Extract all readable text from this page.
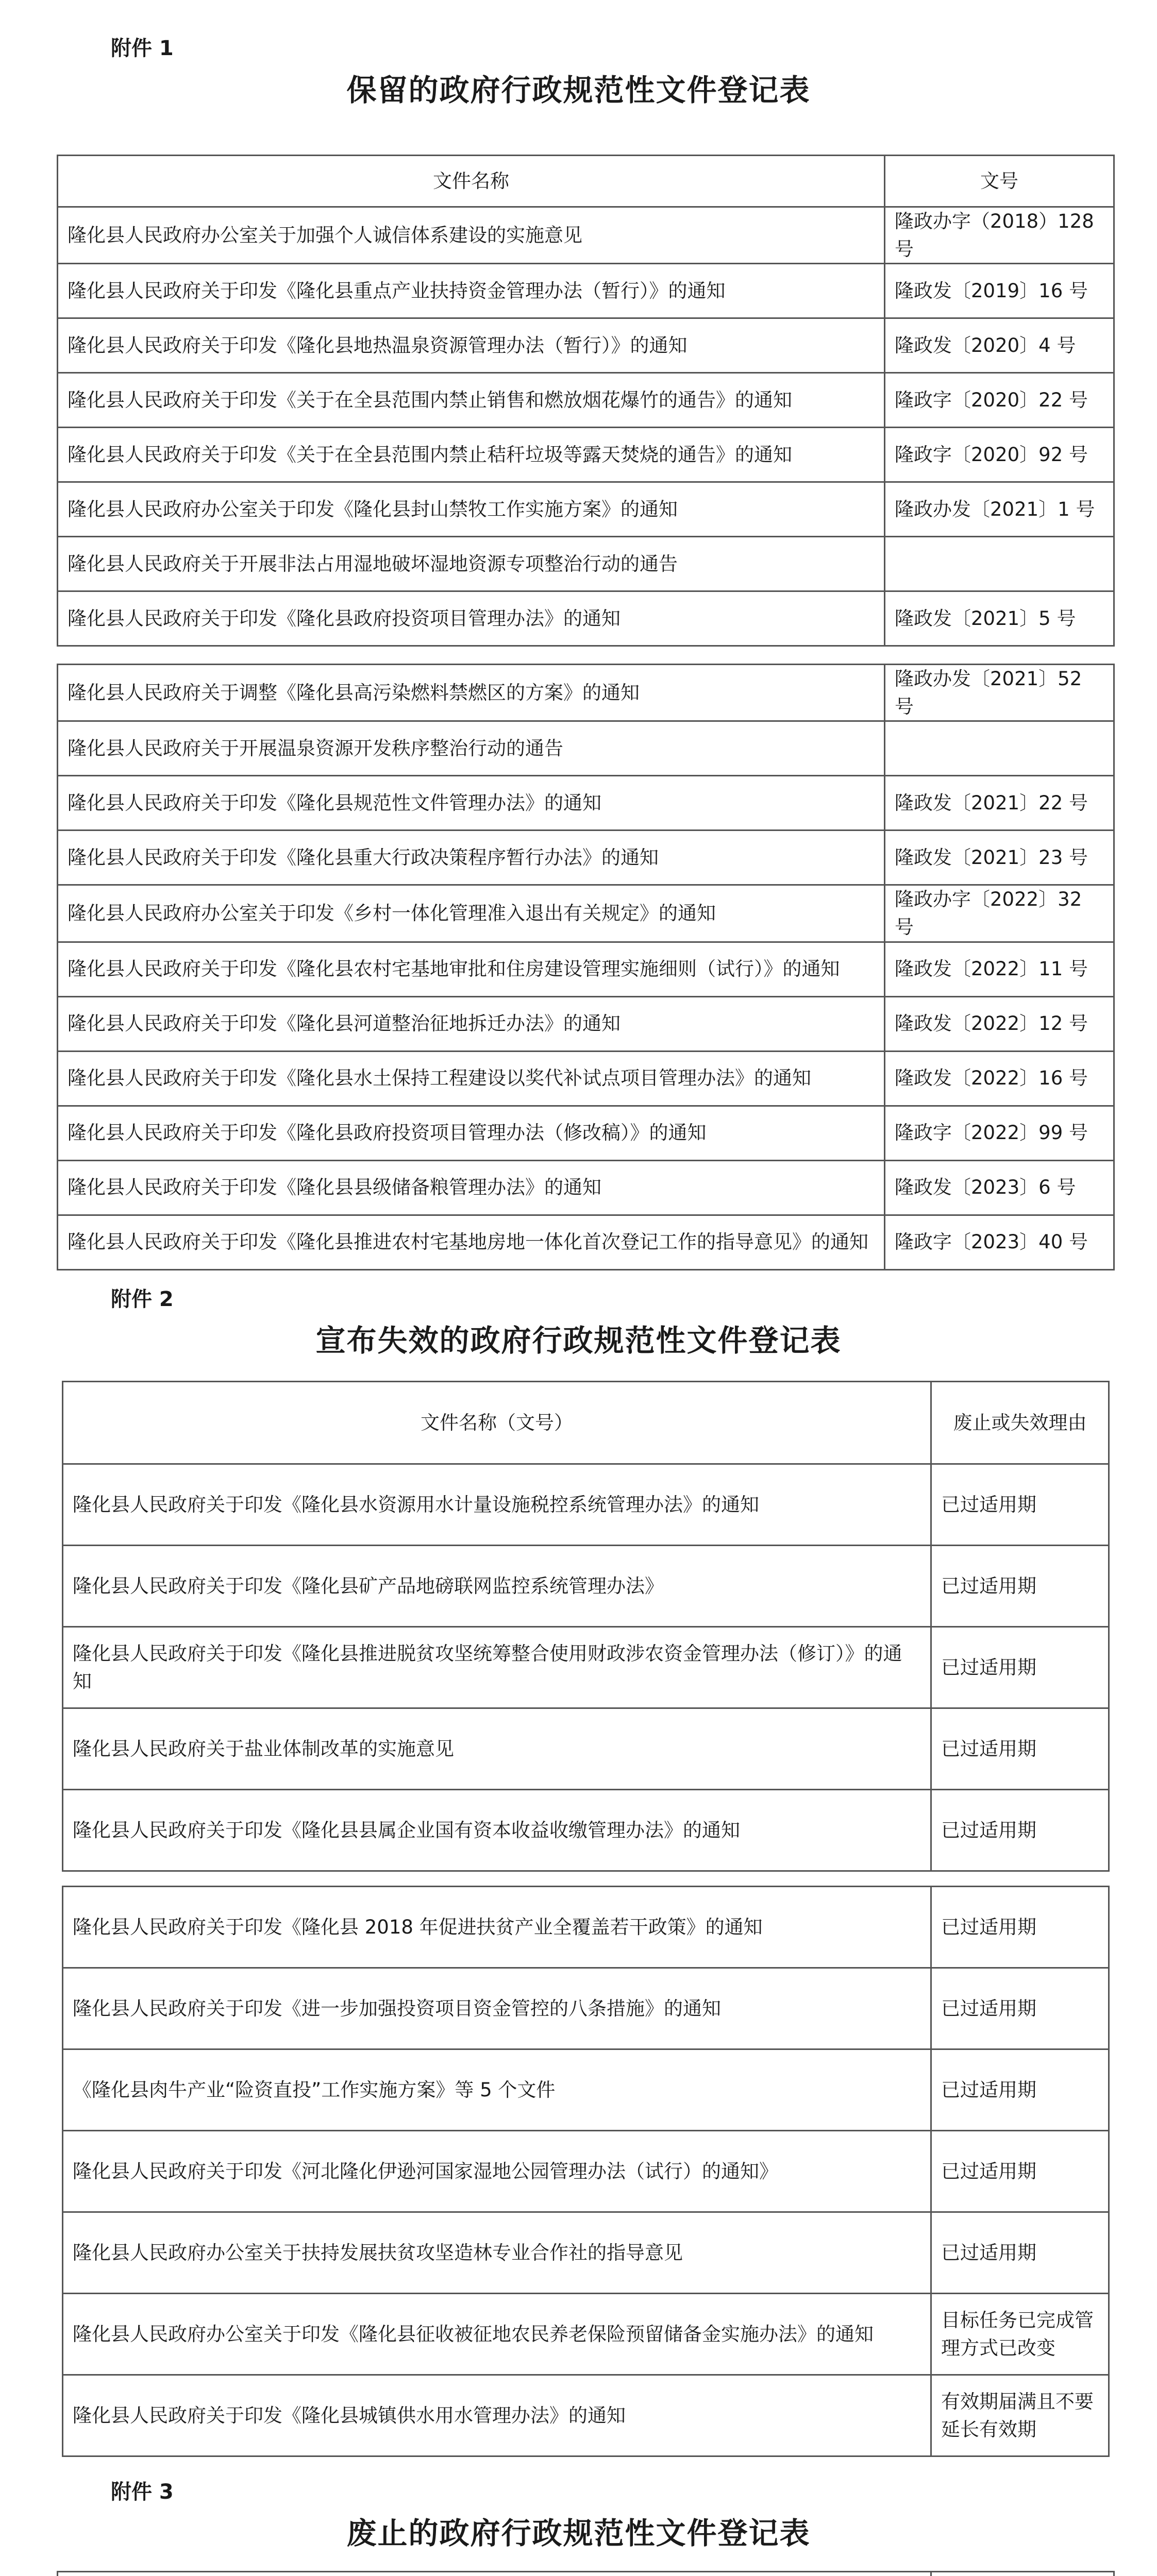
附件 1
保留的政府行政规范性文件登记表
文件名称	文号
隆化县人民政府办公室关于加强个人诚信体系建设的实施意见	隆政办字（2018）128 号
隆化县人民政府关于印发《隆化县重点产业扶持资金管理办法（暂行）》的通知	隆政发〔2019〕16 号
隆化县人民政府关于印发《隆化县地热温泉资源管理办法（暂行）》的通知	隆政发〔2020〕4 号
隆化县人民政府关于印发《关于在全县范围内禁止销售和燃放烟花爆竹的通告》的通知	隆政字〔2020〕22 号
隆化县人民政府关于印发《关于在全县范围内禁止秸秆垃圾等露天焚烧的通告》的通知	隆政字〔2020〕92 号
隆化县人民政府办公室关于印发《隆化县封山禁牧工作实施方案》的通知	隆政办发〔2021〕1 号
隆化县人民政府关于开展非法占用湿地破坏湿地资源专项整治行动的通告	
隆化县人民政府关于印发《隆化县政府投资项目管理办法》的通知	隆政发〔2021〕5 号
隆化县人民政府关于调整《隆化县高污染燃料禁燃区的方案》的通知	隆政办发〔2021〕52 号
隆化县人民政府关于开展温泉资源开发秩序整治行动的通告	
隆化县人民政府关于印发《隆化县规范性文件管理办法》的通知	隆政发〔2021〕22 号
隆化县人民政府关于印发《隆化县重大行政决策程序暂行办法》的通知	隆政发〔2021〕23 号
隆化县人民政府办公室关于印发《乡村一体化管理准入退出有关规定》的通知	隆政办字〔2022〕32 号
隆化县人民政府关于印发《隆化县农村宅基地审批和住房建设管理实施细则（试行）》的通知	隆政发〔2022〕11 号
隆化县人民政府关于印发《隆化县河道整治征地拆迁办法》的通知	隆政发〔2022〕12 号
隆化县人民政府关于印发《隆化县水土保持工程建设以奖代补试点项目管理办法》的通知	隆政发〔2022〕16 号
隆化县人民政府关于印发《隆化县政府投资项目管理办法（修改稿）》的通知	隆政字〔2022〕99 号
隆化县人民政府关于印发《隆化县县级储备粮管理办法》的通知	隆政发〔2023〕6 号
隆化县人民政府关于印发《隆化县推进农村宅基地房地一体化首次登记工作的指导意见》的通知	隆政字〔2023〕40 号
附件 2
宣布失效的政府行政规范性文件登记表
文件名称（文号）	废止或失效理由
隆化县人民政府关于印发《隆化县水资源用水计量设施税控系统管理办法》的通知	已过适用期
隆化县人民政府关于印发《隆化县矿产品地磅联网监控系统管理办法》	已过适用期
隆化县人民政府关于印发《隆化县推进脱贫攻坚统筹整合使用财政涉农资金管理办法（修订）》的通知	已过适用期
隆化县人民政府关于盐业体制改革的实施意见	已过适用期
隆化县人民政府关于印发《隆化县县属企业国有资本收益收缴管理办法》的通知	已过适用期
隆化县人民政府关于印发《隆化县 2018 年促进扶贫产业全覆盖若干政策》的通知	已过适用期
隆化县人民政府关于印发《进一步加强投资项目资金管控的八条措施》的通知	已过适用期
《隆化县肉牛产业“险资直投”工作实施方案》等 5 个文件	已过适用期
隆化县人民政府关于印发《河北隆化伊逊河国家湿地公园管理办法（试行）的通知》	已过适用期
隆化县人民政府办公室关于扶持发展扶贫攻坚造林专业合作社的指导意见	已过适用期
隆化县人民政府办公室关于印发《隆化县征收被征地农民养老保险预留储备金实施办法》的通知	目标任务已完成管理方式已改变
隆化县人民政府关于印发《隆化县城镇供水用水管理办法》的通知	有效期届满且不要延长有效期
附件 3
废止的政府行政规范性文件登记表
